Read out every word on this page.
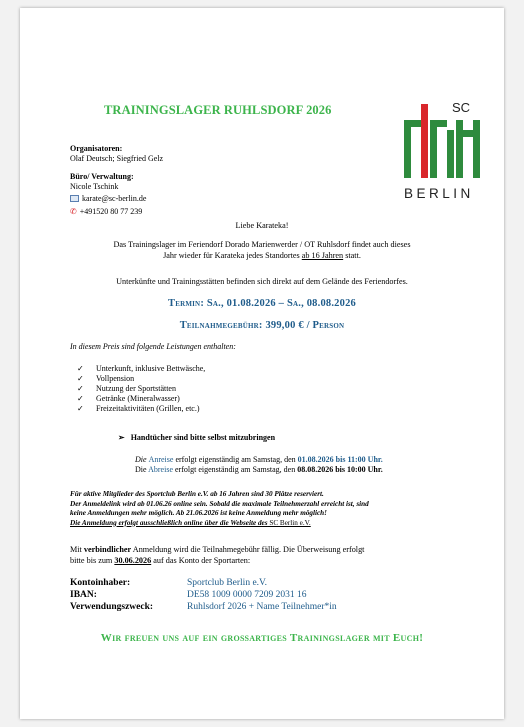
TRAININGSLAGER RUHLSDORF 2026	SC
BERLIN
Organisatoren:
Olaf Deutsch; Siegfried Gelz
Büro/ Verwaltung:
Nicole Tschink
karate@sc-berlin.de
✆ +491520 80 77 239
Liebe Karateka!
Das Trainingslager im Feriendorf Dorado Marienwerder / OT Ruhlsdorf findet auch dieses
Jahr wieder für Karateka jedes Standortes ab 16 Jahren statt.
Unterkünfte und Trainingsstätten befinden sich direkt auf dem Gelände des Feriendorfes.
Termin: Sa., 01.08.2026 – Sa., 08.08.2026
Teilnahmegebühr: 399,00 € / Person
In diesem Preis sind folgende Leistungen enthalten:
✓ Unterkunft, inklusive Bettwäsche,
✓ Vollpension
✓ Nutzung der Sportstätten
✓ Getränke (Mineralwasser)
✓ Freizeitaktivitäten (Grillen, etc.)
➢ Handtücher sind bitte selbst mitzubringen
Die Anreise erfolgt eigenständig am Samstag, den 01.08.2026 bis 11:00 Uhr.
Die Abreise erfolgt eigenständig am Samstag, den 08.08.2026 bis 10:00 Uhr.
Für aktive Mitglieder des Sportclub Berlin e.V. ab 16 Jahren sind 30 Plätze reserviert.
Der Anmeldelink wird ab 01.06.26 online sein. Sobald die maximale Teilnehmerzahl erreicht ist, sind
keine Anmeldungen mehr möglich. Ab 21.06.2026 ist keine Anmeldung mehr möglich!
Die Anmeldung erfolgt ausschließlich online über die Webseite des SC Berlin e.V.
Mit verbindlicher Anmeldung wird die Teilnahmegebühr fällig. Die Überweisung erfolgt
bitte bis zum 30.06.2026 auf das Konto der Sportarten:
Kontoinhaber:	Sportclub Berlin e.V.
IBAN:	DE58 1009 0000 7209 2031 16
Verwendungszweck:	Ruhlsdorf 2026 + Name Teilnehmer*in
Wir freuen uns auf ein großartiges Trainingslager mit Euch!
